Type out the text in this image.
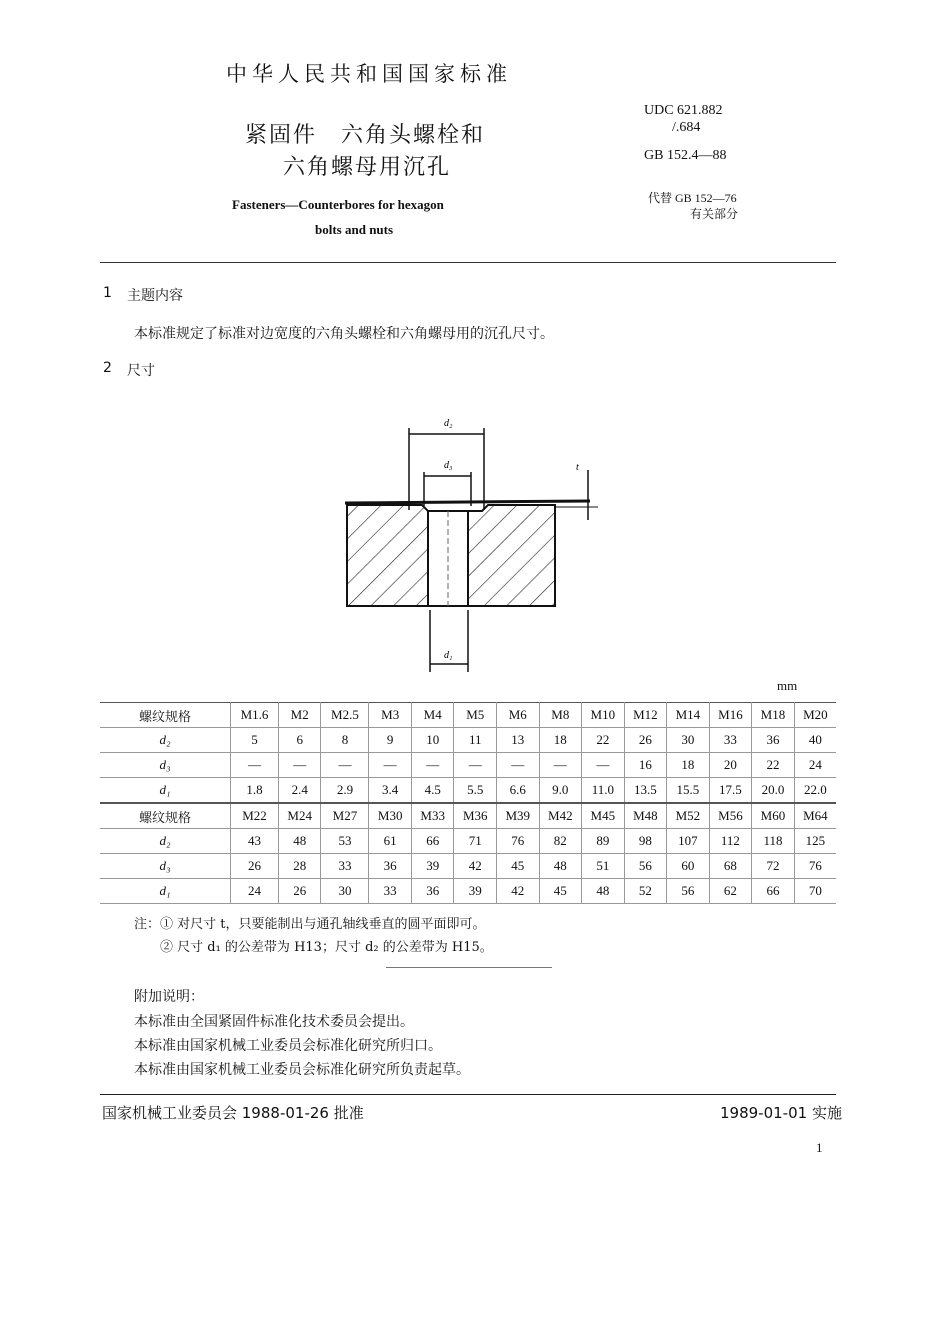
中华人民共和国国家标准
紧固件　六角头螺栓和
六角螺母用沉孔
Fasteners—Counterbores for hexagon
bolts and nuts
UDC 621.882
/.684
GB 152.4—88
代替 GB 152—76
有关部分
1 主题内容
本标准规定了标准对边宽度的六角头螺栓和六角螺母用的沉孔尺寸。
2 尺寸
d₂
d₃
d₁
t
mm
螺纹规格	M1.6	M2	M2.5	M3	M4	M5	M6	M8	M10	M12	M14	M16	M18	M20
d₂	5	6	8	9	10	11	13	18	22	26	30	33	36	40
d₃	—	—	—	—	—	—	—	—	—	16	18	20	22	24
d₁	1.8	2.4	2.9	3.4	4.5	5.5	6.6	9.0	11.0	13.5	15.5	17.5	20.0	22.0
螺纹规格	M22	M24	M27	M30	M33	M36	M39	M42	M45	M48	M52	M56	M60	M64
d₂	43	48	53	61	66	71	76	82	89	98	107	112	118	125
d₃	26	28	33	36	39	42	45	48	51	56	60	68	72	76
d₁	24	26	30	33	36	39	42	45	48	52	56	62	66	70
注：① 对尺寸 t，只要能制出与通孔轴线垂直的圆平面即可。
② 尺寸 d₁ 的公差带为 H13；尺寸 d₂ 的公差带为 H15。
附加说明：
本标准由全国紧固件标准化技术委员会提出。
本标准由国家机械工业委员会标准化研究所归口。
本标准由国家机械工业委员会标准化研究所负责起草。
国家机械工业委员会 1988-01-26 批准	1989-01-01 实施
1
